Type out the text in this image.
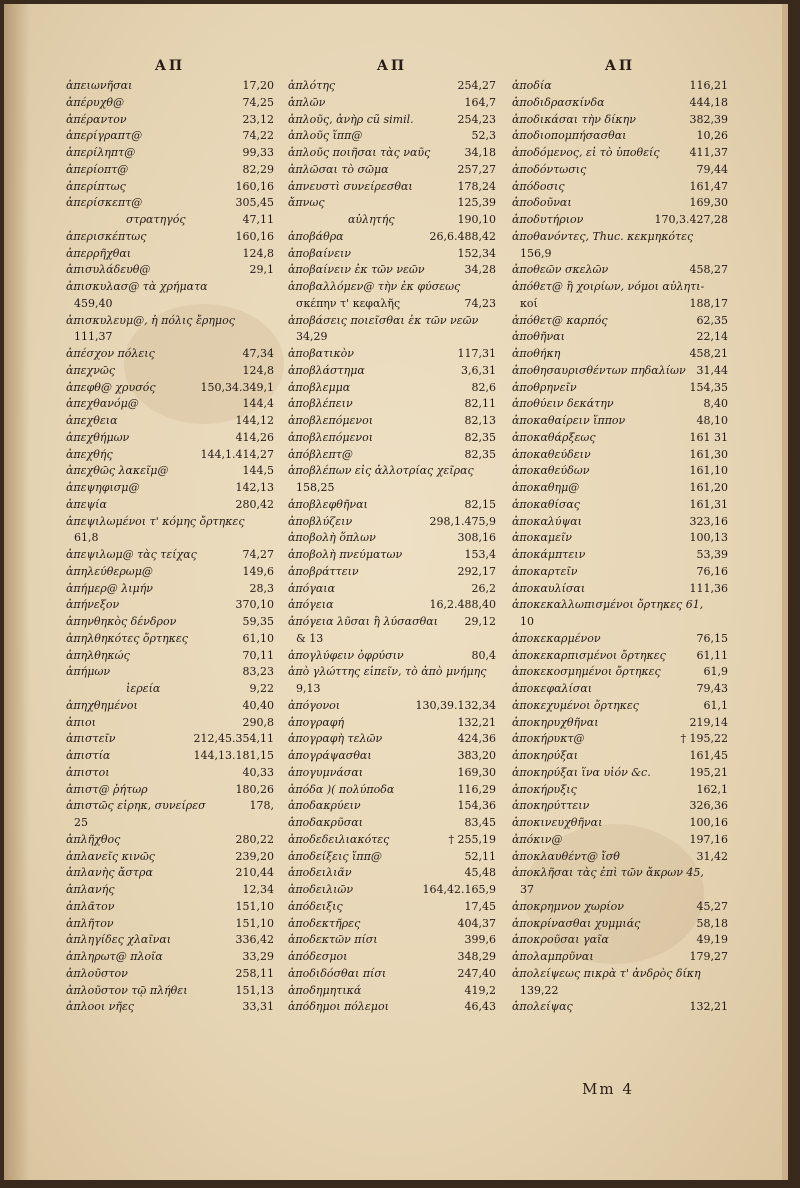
ΑΠ
ἀπειωνῆσαι	17,20
ἀπέρυχθ@	74,25
ἀπέραντον	23,12
ἀπερίγραπτ@	74,22
ἀπερίληπτ@	99,33
ἀπερίοπτ@	82,29
ἀπερίπτως	160,16
ἀπερίσκεπτ@	305,45
στρατηγός	47,11
ἀπερισκέπτως	160,16
ἀπερρῆχθαι	124,8
ἀπισυλάδευθ@	29,1
ἀπισκυλασ@ τὰ χρήματα
459,40
ἀπισκυλευμ@, ἡ πόλις ἔρημος
111,37
ἀπέσχον πόλεις	47,34
ἀπεχνῶς	124,8
ἀπεφθ@ χρυσός	150,34.349,1
ἀπεχθανόμ@	144,4
ἀπεχθεια	144,12
ἀπεχθήμων	414,26
ἀπεχθής	144,1.414,27
ἀπεχθῶς λακεῖμ@	144,5
ἀπεψηφισμ@	142,13
ἀπεψία	280,42
ἀπεψιλωμένοι τ' κόμης ὄρτηκες
61,8
ἀπεψιλωμ@ τὰς τείχας	74,27
ἀπηλεύθερωμ@	149,6
ἀπήμερ@ λιμήν	28,3
ἀπήνεξον	370,10
ἀπηνθηκὸς δένδρον	59,35
ἀπηλθηκότες ὄρτηκες	61,10
ἀπηλθηκώς	70,11
ἀπήμων	83,23
ἱερεία	9,22
ἀπηχθημένοι	40,40
ἀπιοι	290,8
ἀπιστεῖν	212,45.354,11
ἀπιστία	144,13.181,15
ἀπιστοι	40,33
ἀπιστ@ ῥήτωρ	180,26
ἀπιστῶς εἰρηκ, συνείρεσ	178,
25
ἀπλῆχθος	280,22
ἀπλανεῖς κινῶς	239,20
ἀπλανὴς ἄστρα	210,44
ἀπλανής	12,34
ἀπλᾶτον	151,10
ἀπλῆτον	151,10
ἀπληγίδες χλαῖναι	336,42
ἀπληρωτ@ πλοῖα	33,29
ἀπλοῦστον	258,11
ἀπλοῦστον τῷ πλήθει	151,13
ἀπλοοι νῆες	33,31
ΑΠ
ἀπλότης	254,27
ἀπλῶν	164,7
ἀπλοῦς, ἀνὴρ cũ simil.	254,23
ἀπλοῦς ἵππ@	52,3
ἀπλοῦς ποιῆσαι τὰς ναῦς	34,18
ἀπλῶσαι τὸ σῶμα	257,27
ἀπνευστὶ συνείρεσθαι	178,24
ἄπνως	125,39
αὐλητής	190,10
ἀποβάθρα	26,6.488,42
ἀποβαίνειν	152,34
ἀποβαίνειν ἐκ τῶν νεῶν	34,28
ἀποβαλλόμεν@ τὴν ἐκ φύσεως
σκέπην τ' κεφαλῆς	74,23
ἀποβάσεις ποιεῖσθαι ἐκ τῶν νεῶν
34,29
ἀποβατικὸν	117,31
ἀποβλάστημα	3,6,31
ἀποβλεμμα	82,6
ἀποβλέπειν	82,11
ἀποβλεπόμενοι	82,13
ἀποβλεπόμενοι	82,35
ἀπόβλεπτ@	82,35
ἀποβλέπων εἰς ἀλλοτρίας χεῖρας
158,25
ἀποβλεφθῆναι	82,15
ἀποβλύζειν	298,1.475,9
ἀποβολὴ ὅπλων	308,16
ἀποβολὴ πνεύματων	153,4
ἀποβράττειν	292,17
ἀπόγαια	26,2
ἀπόγεια	16,2.488,40
ἀπόγεια λῦσαι ἢ λύσασθαι 29,12
& 13
ἀπογλύφειν ὀφρύσιν	80,4
ἀπὸ γλώττης εἰπεῖν, τὸ ἀπὸ μνήμης
9,13
ἀπόγονοι	130,39.132,34
ἀπογραφή	132,21
ἀπογραφὴ τελῶν	424,36
ἀπογράψασθαι	383,20
ἀπογυμνάσαι	169,30
ἀπόδα )( πολύποδα	116,29
ἀποδακρύειν	154,36
ἀποδακρῦσαι	83,45
ἀποδεδειλιακότες	† 255,19
ἀποδείξεις ἵππ@	52,11
ἀποδειλιᾶν	45,48
ἀποδειλιῶν	164,42.165,9
ἀπόδειξις	17,45
ἀποδεκτῆρες	404,37
ἀποδεκτῶν πίσι	399,6
ἀπόδεσμοι	348,29
ἀποδιδόσθαι πίσι	247,40
ἀποδημητικά	419,2
ἀπόδημοι πόλεμοι	46,43
ΑΠ
ἀποδία	116,21
ἀποδιδρασκίνδα	444,18
ἀποδικάσαι τὴν δίκην	382,39
ἀποδιοπομπήσασθαι	10,26
ἀποδόμενος, εἰ τὸ ὑποθείς	411,37
ἀποδόντωσις	79,44
ἀπόδοσις	161,47
ἀποδοῦναι	169,30
ἀποδυτήριον	170,3.427,28
ἀποθανόντες, Thuc. κεκμηκότες
156,9
ἀποθεῶν σκελῶν	458,27
ἀπόθετ@ ἢ χοιρίων, νόμοι αὐλητι-
κοί	188,17
ἀπόθετ@ καρπός	62,35
ἀποθῆναι	22,14
ἀποθήκη	458,21
ἀποθησαυρισθέντων πηδαλίων 31,44
ἀποθρηνεῖν	154,35
ἀποθύειν δεκάτην	8,40
ἀποκαθαίρειν ἵππον	48,10
ἀποκαθάρξεως	161 31
ἀποκαθεύδειν	161,30
ἀποκαθεύδων	161,10
ἀποκαθημ@	161,20
ἀποκαθίσας	161,31
ἀποκαλύψαι	323,16
ἀποκαμεῖν	100,13
ἀποκάμπτειν	53,39
ἀποκαρτεῖν	76,16
ἀποκαυλίσαι	111,36
ἀποκεκαλλωπισμένοι ὄρτηκες 61,
10
ἀποκεκαρμένον	76,15
ἀποκεκαρπισμένοι ὄρτηκες	61,11
ἀποκεκοσμημένοι ὄρτηκες	61,9
ἀποκεφαλίσαι	79,43
ἀποκεχυμένοι ὄρτηκες	61,1
ἀποκηρυχθῆναι	219,14
ἀποκήρυκτ@	† 195,22
ἀποκηρύξαι	161,45
ἀποκηρύξαι ἵνα υἱόν &c.	195,21
ἀποκήρυξις	162,1
ἀποκηρύττειν	326,36
ἀποκινευχθῆναι	100,16
ἀπόκιν@	197,16
ἀποκλαυθέντ@ ἴσθ	31,42
ἀποκλῆσαι τὰς ἐπὶ τῶν ἄκρων 45,
37
ἀποκρημνον χωρίον	45,27
ἀποκρίνασθαι χυμμιάς	58,18
ἀποκροῦσαι γαῖα	49,19
ἀπολαμπρῦναι	179,27
ἀπολείψεως πικρὰ τ' ἀνδρὸς δίκη
139,22
ἀπολείψας	132,21
Mm 4
